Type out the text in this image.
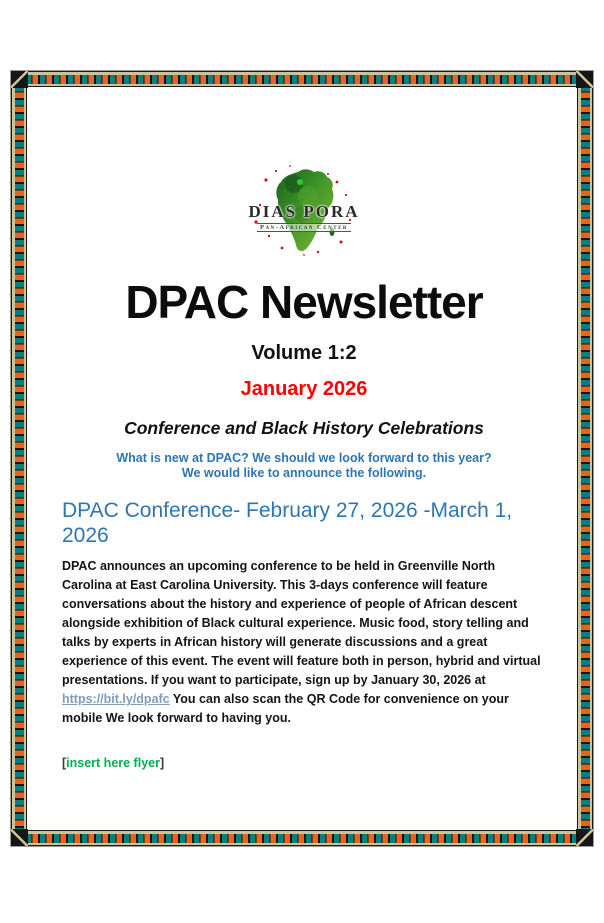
DIAS PORA
Pan-African Center
DPAC Newsletter
Volume 1:2
January 2026
Conference and Black History Celebrations
What is new at DPAC? We should we look forward to this year?
We would like to announce the following.
DPAC Conference- February 27, 2026 -March 1, 2026

DPAC announces an upcoming conference to be held in Greenville North Carolina at East Carolina University. This 3-days conference will feature conversations about the history and experience of people of African descent alongside exhibition of Black cultural experience. Music food, story telling and talks by experts in African history will generate discussions and a great experience of this event. The event will feature both in person, hybrid and virtual presentations. If you want to participate, sign up by January 30, 2026 at https://bit.ly/dpafc You can also scan the QR Code for convenience on your mobile We look forward to having you.

[insert here flyer]
